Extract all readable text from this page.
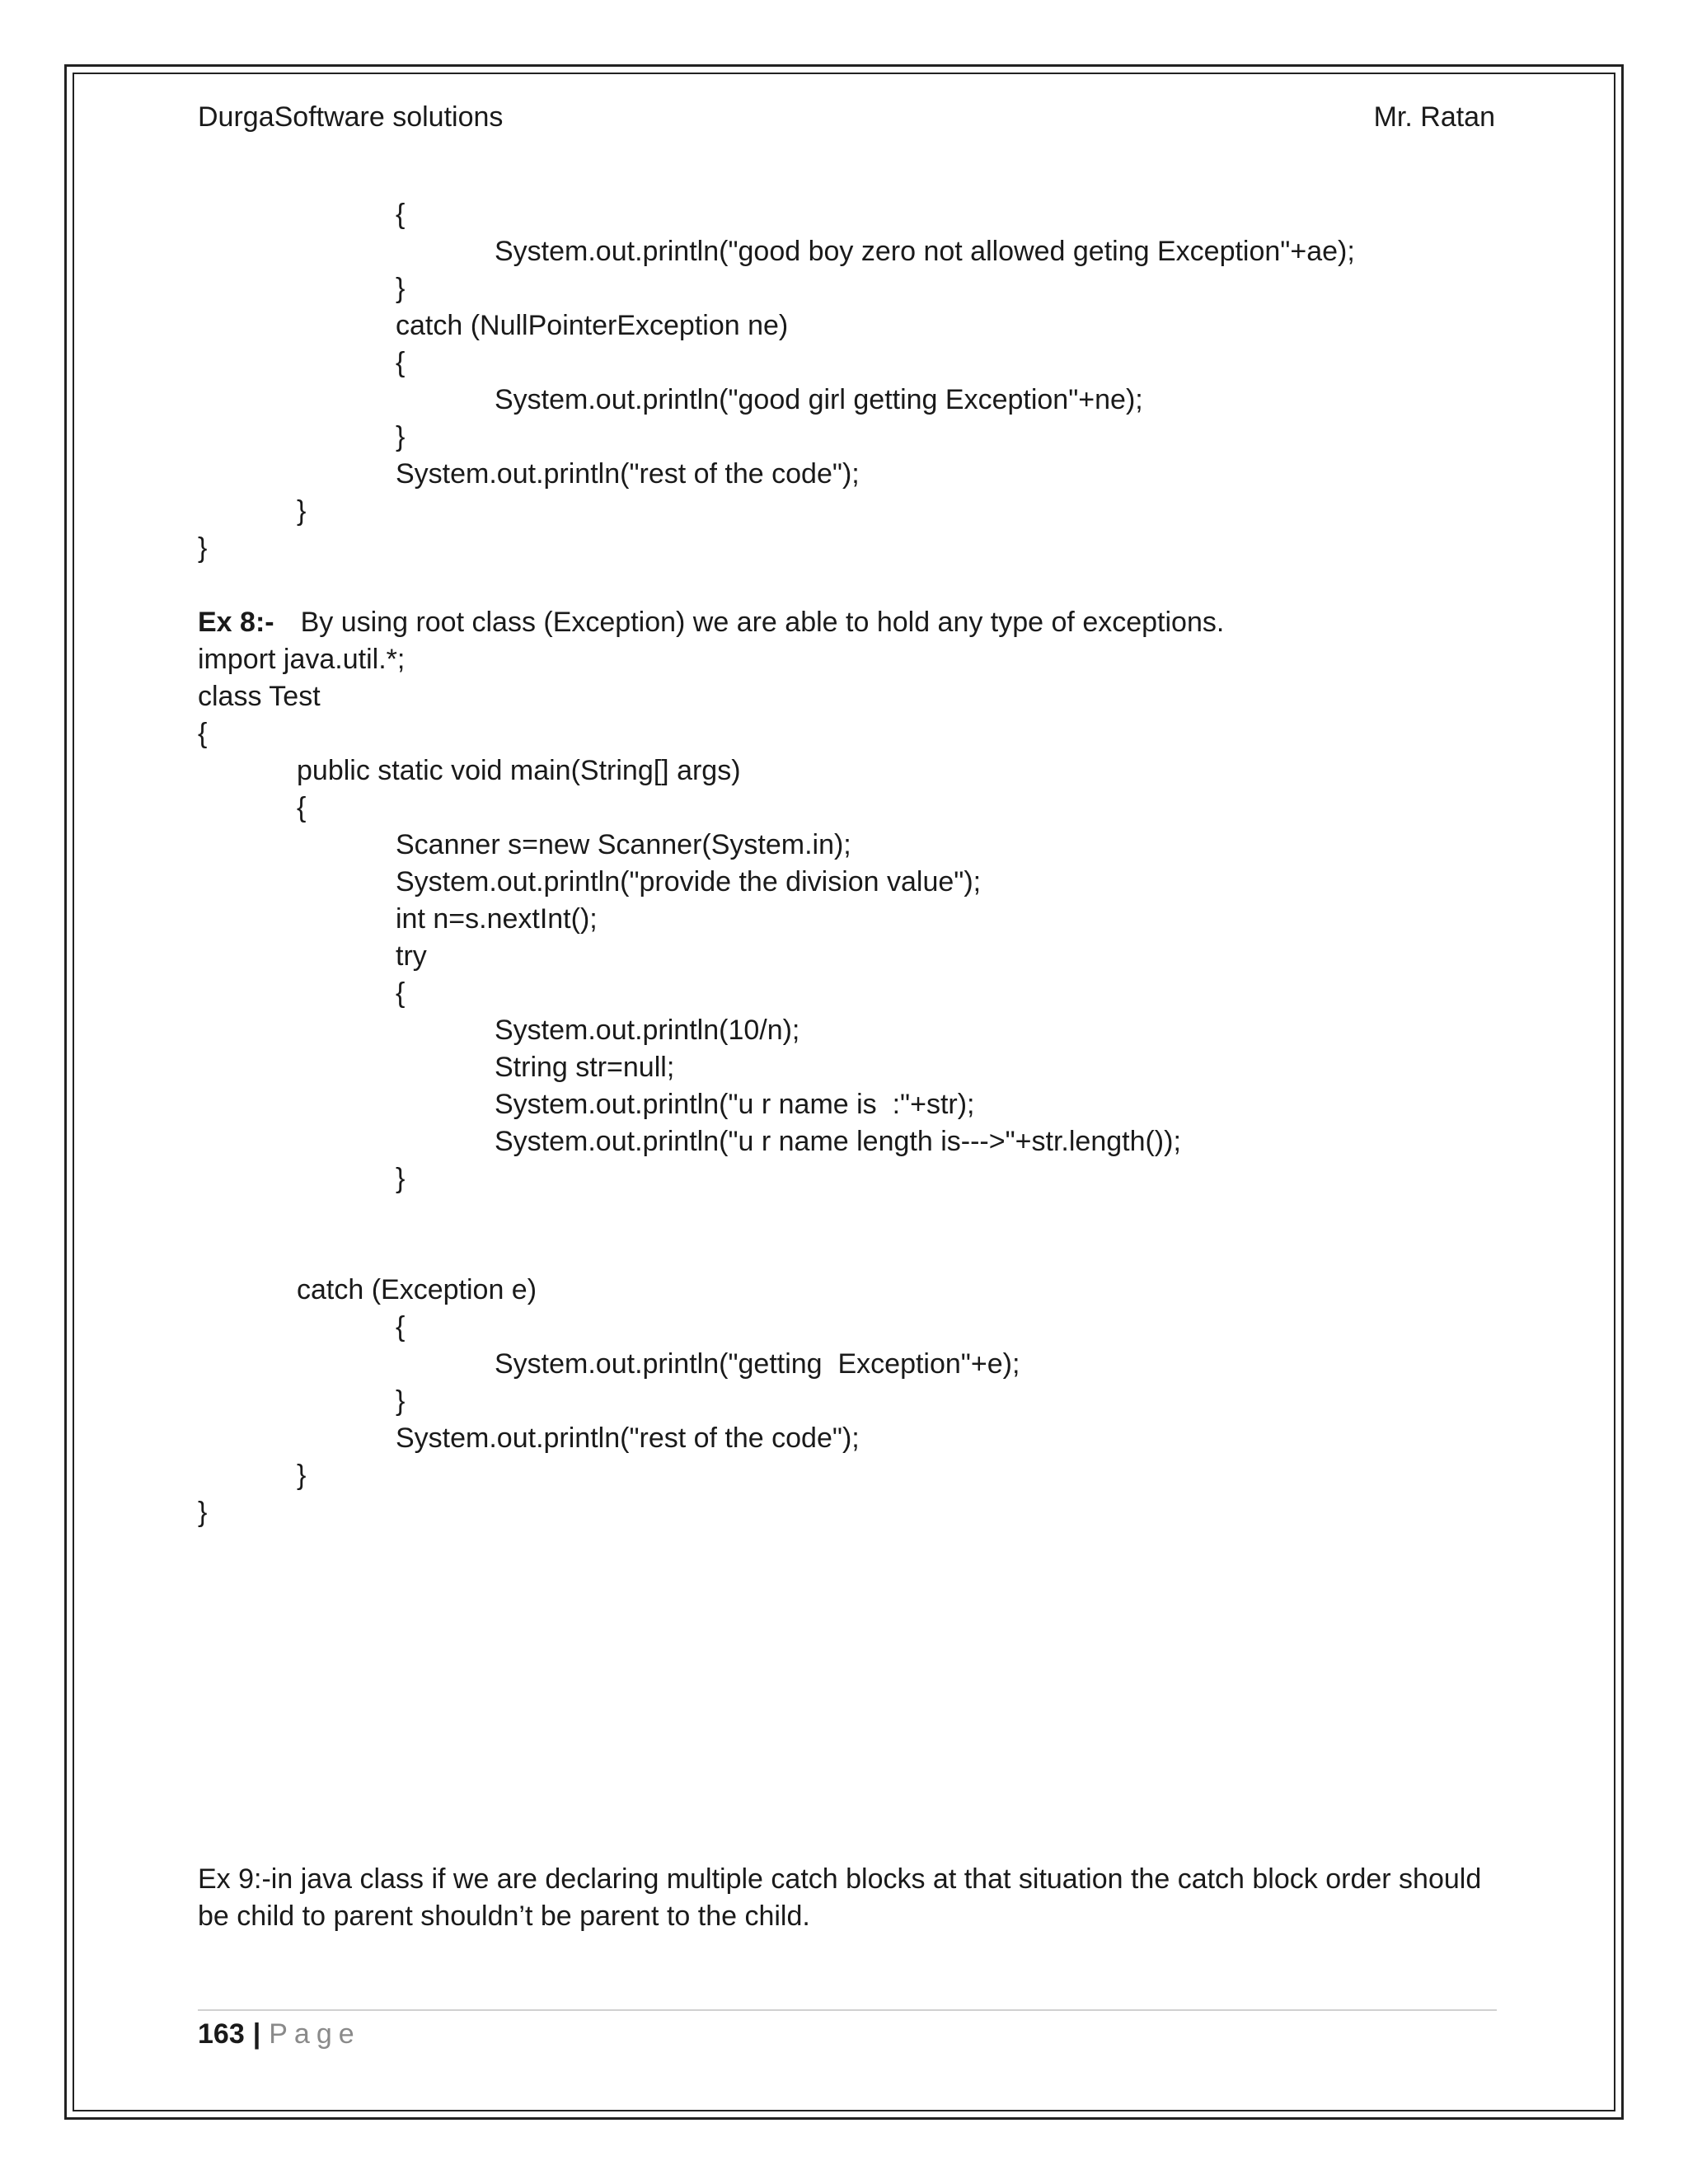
DurgaSoftware solutions	Mr. Ratan
{
System.out.println("good boy zero not allowed geting Exception"+ae);
}
catch (NullPointerException ne)
{
System.out.println("good girl getting Exception"+ne);
}
System.out.println("rest of the code");
}
}
Ex 8:- By using root class (Exception) we are able to hold any type of exceptions.
import java.util.*;
class Test
{
public static void main(String[] args)
{
Scanner s=new Scanner(System.in);
System.out.println("provide the division value");
int n=s.nextInt();
try
{
System.out.println(10/n);
String str=null;
System.out.println("u r name is  :"+str);
System.out.println("u r name length is--->"+str.length());
}
catch (Exception e)
{
System.out.println("getting  Exception"+e);
}
System.out.println("rest of the code");
}
}
Ex 9:-in java class if we are declaring multiple catch blocks at that situation the catch block order should be child to parent shouldn’t be parent to the child.
163 | Page
